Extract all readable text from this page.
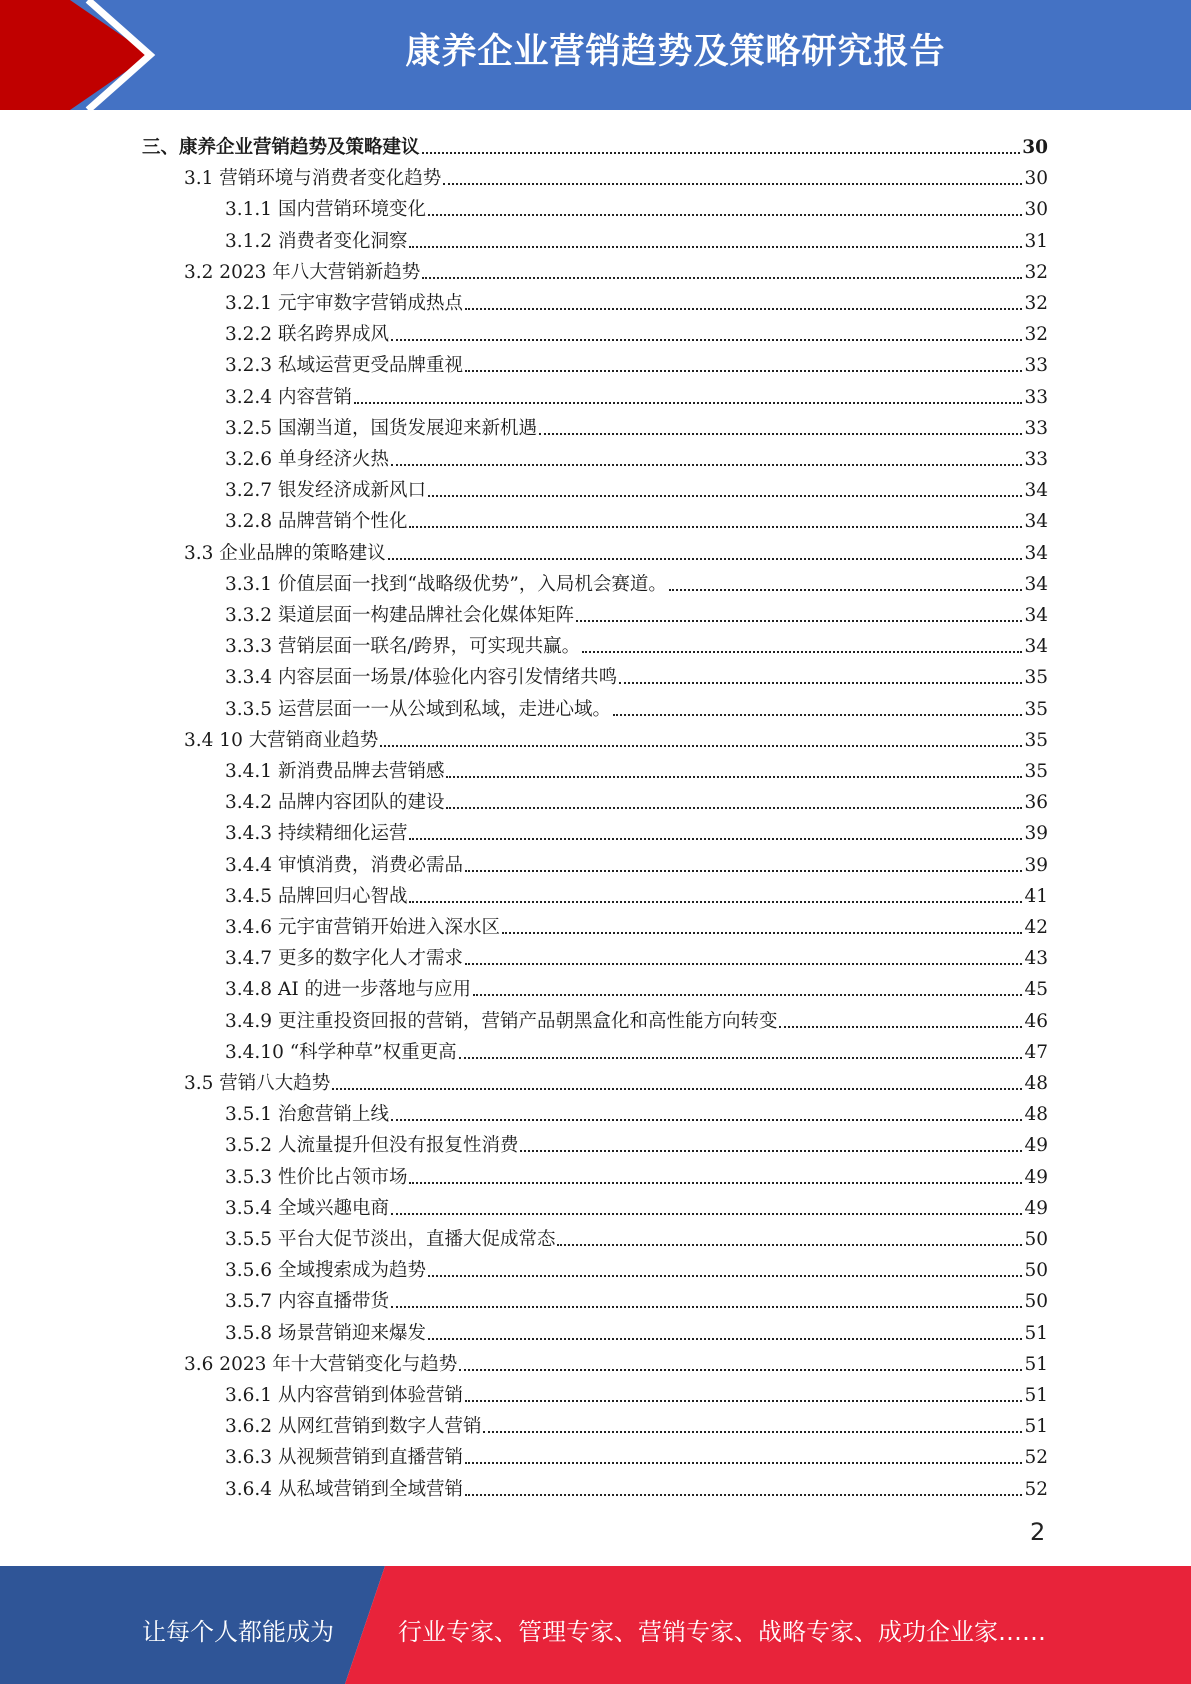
康养企业营销趋势及策略研究报告
三、康养企业营销趋势及策略建议	30
3.1 营销环境与消费者变化趋势	30
3.1.1 国内营销环境变化	30
3.1.2 消费者变化洞察	31
3.2 2023 年八大营销新趋势	32
3.2.1 元宇审数字营销成热点	32
3.2.2 联名跨界成风	32
3.2.3 私域运营更受品牌重视	33
3.2.4 内容营销	33
3.2.5 国潮当道，国货发展迎来新机遇	33
3.2.6 单身经济火热	33
3.2.7 银发经济成新风口	34
3.2.8 品牌营销个性化	34
3.3 企业品牌的策略建议	34
3.3.1 价值层面一找到“战略级优势”，入局机会赛道。	34
3.3.2 渠道层面一构建品牌社会化媒体矩阵	34
3.3.3 营销层面一联名/跨界，可实现共赢。	34
3.3.4 内容层面一场景/体验化内容引发情绪共鸣	35
3.3.5 运营层面一一从公域到私域，走进心域。	35
3.4 10 大营销商业趋势	35
3.4.1 新消费品牌去营销感	35
3.4.2 品牌内容团队的建设	36
3.4.3 持续精细化运营	39
3.4.4 审慎消费，消费必需品	39
3.4.5 品牌回归心智战	41
3.4.6 元宇宙营销开始进入深水区	42
3.4.7 更多的数字化人才需求	43
3.4.8 AI 的进一步落地与应用	45
3.4.9 更注重投资回报的营销，营销产品朝黑盒化和高性能方向转变	46
3.4.10 “科学种草”权重更高	47
3.5 营销八大趋势	48
3.5.1 治愈营销上线	48
3.5.2 人流量提升但没有报复性消费	49
3.5.3 性价比占领市场	49
3.5.4 全域兴趣电商	49
3.5.5 平台大促节淡出，直播大促成常态	50
3.5.6 全域搜索成为趋势	50
3.5.7 内容直播带货	50
3.5.8 场景营销迎来爆发	51
3.6 2023 年十大营销变化与趋势	51
3.6.1 从内容营销到体验营销	51
3.6.2 从网红营销到数字人营销	51
3.6.3 从视频营销到直播营销	52
3.6.4 从私域营销到全域营销	52
2
让每个人都能成为	行业专家、管理专家、营销专家、战略专家、成功企业家……
